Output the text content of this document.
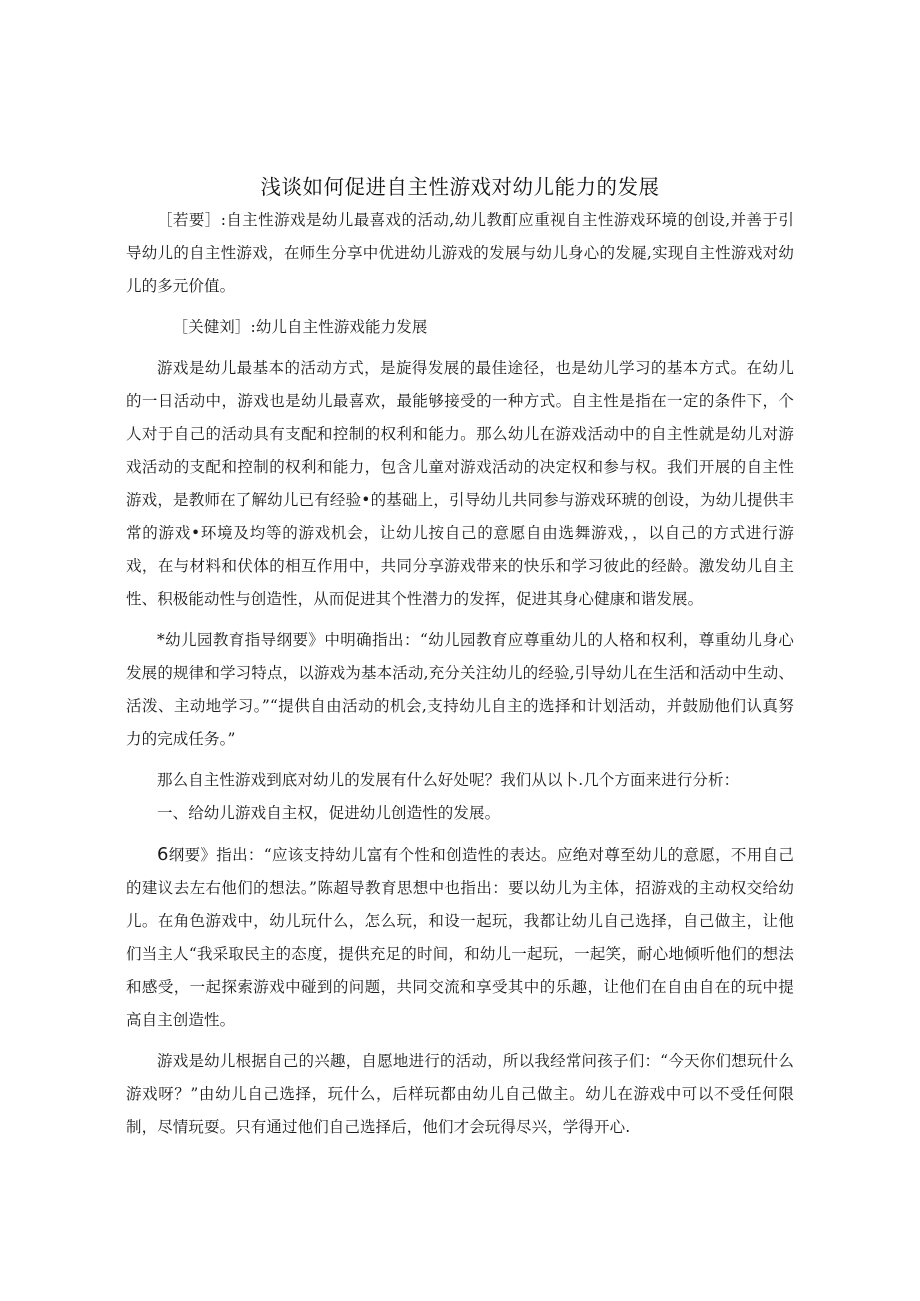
浅谈如何促进自主性游戏对幼儿能力的发展

［若要］:自主性游戏是幼儿最喜戏的活动,幼儿教酊应重视自主性游戏环境的创设,并善于引导幼儿的自主性游戏，在师生分享中优进幼儿游戏的发展与幼儿身心的发屣,实现自主性游戏对幼儿的多元价值。

［关健刘］:幼儿自主性游戏能力发展

游戏是幼儿最基本的活动方式，是旋得发展的最佳途径，也是幼儿学习的基本方式。在幼儿的一日活动中，游戏也是幼儿最喜欢，最能够接受的一种方式。自主性是指在一定的条件下，个人对于自己的活动具有支配和控制的权利和能力。那么幼儿在游戏活动中的自主性就是幼儿对游戏活动的支配和控制的权利和能力，包含儿童对游戏活动的决定权和参与权。我们开展的自主性游戏，是教师在了解幼儿已有经验•的基础上，引导幼儿共同参与游戏环琥的创设，为幼儿提供丰常的游戏•环境及均等的游戏机会，让幼儿按自己的意愿自由选舞游戏，，以自己的方式进行游戏，在与材料和伏体的相互作用中，共同分享游戏带来的快乐和学习彼此的经龄。激发幼儿自主性、积极能动性与创造性，从而促进其个性潜力的发挥，促进其身心健康和谐发展。

*幼儿园教育指导纲要》中明确指出：“幼儿园教育应尊重幼儿的人格和权利，尊重幼儿身心发展的规律和学习特点，以游戏为基本活动,充分关注幼儿的经验,引导幼儿在生活和活动中生动、活泼、主动地学习。”“提供自由活动的机会,支持幼儿自主的选择和计划活动，并鼓励他们认真努力的完成任务。”

那么自主性游戏到底对幼儿的发展有什么好处呢？我们从以卜.几个方面来进行分析：

一、给幼儿游戏自主权，促进幼儿创造性的发展。

6纲要》指出：“应该支持幼儿富有个性和创造性的表达。应绝对尊至幼儿的意愿，不用自己的建议去左右他们的想法。”陈超导教育思想中也指出：要以幼儿为主体，招游戏的主动权交给幼儿。在角色游戏中，幼儿玩什么，怎么玩，和设一起玩，我都让幼儿自己选择，自己做主，让他们当主人“我采取民主的态度，提供充足的时间，和幼儿一起玩，一起笑，耐心地倾听他们的想法和感受，一起探索游戏中碰到的问题，共同交流和享受其中的乐趣，让他们在自由自在的玩中提高自主创造性。

游戏是幼儿根据自己的兴趣，自愿地进行的活动，所以我经常问孩子们：“今天你们想玩什么游戏呀？”由幼儿自己选择，玩什么，后样玩都由幼儿自己做主。幼儿在游戏中可以不受任何限制，尽情玩耍。只有通过他们自己选择后，他们才会玩得尽兴，学得开心.
